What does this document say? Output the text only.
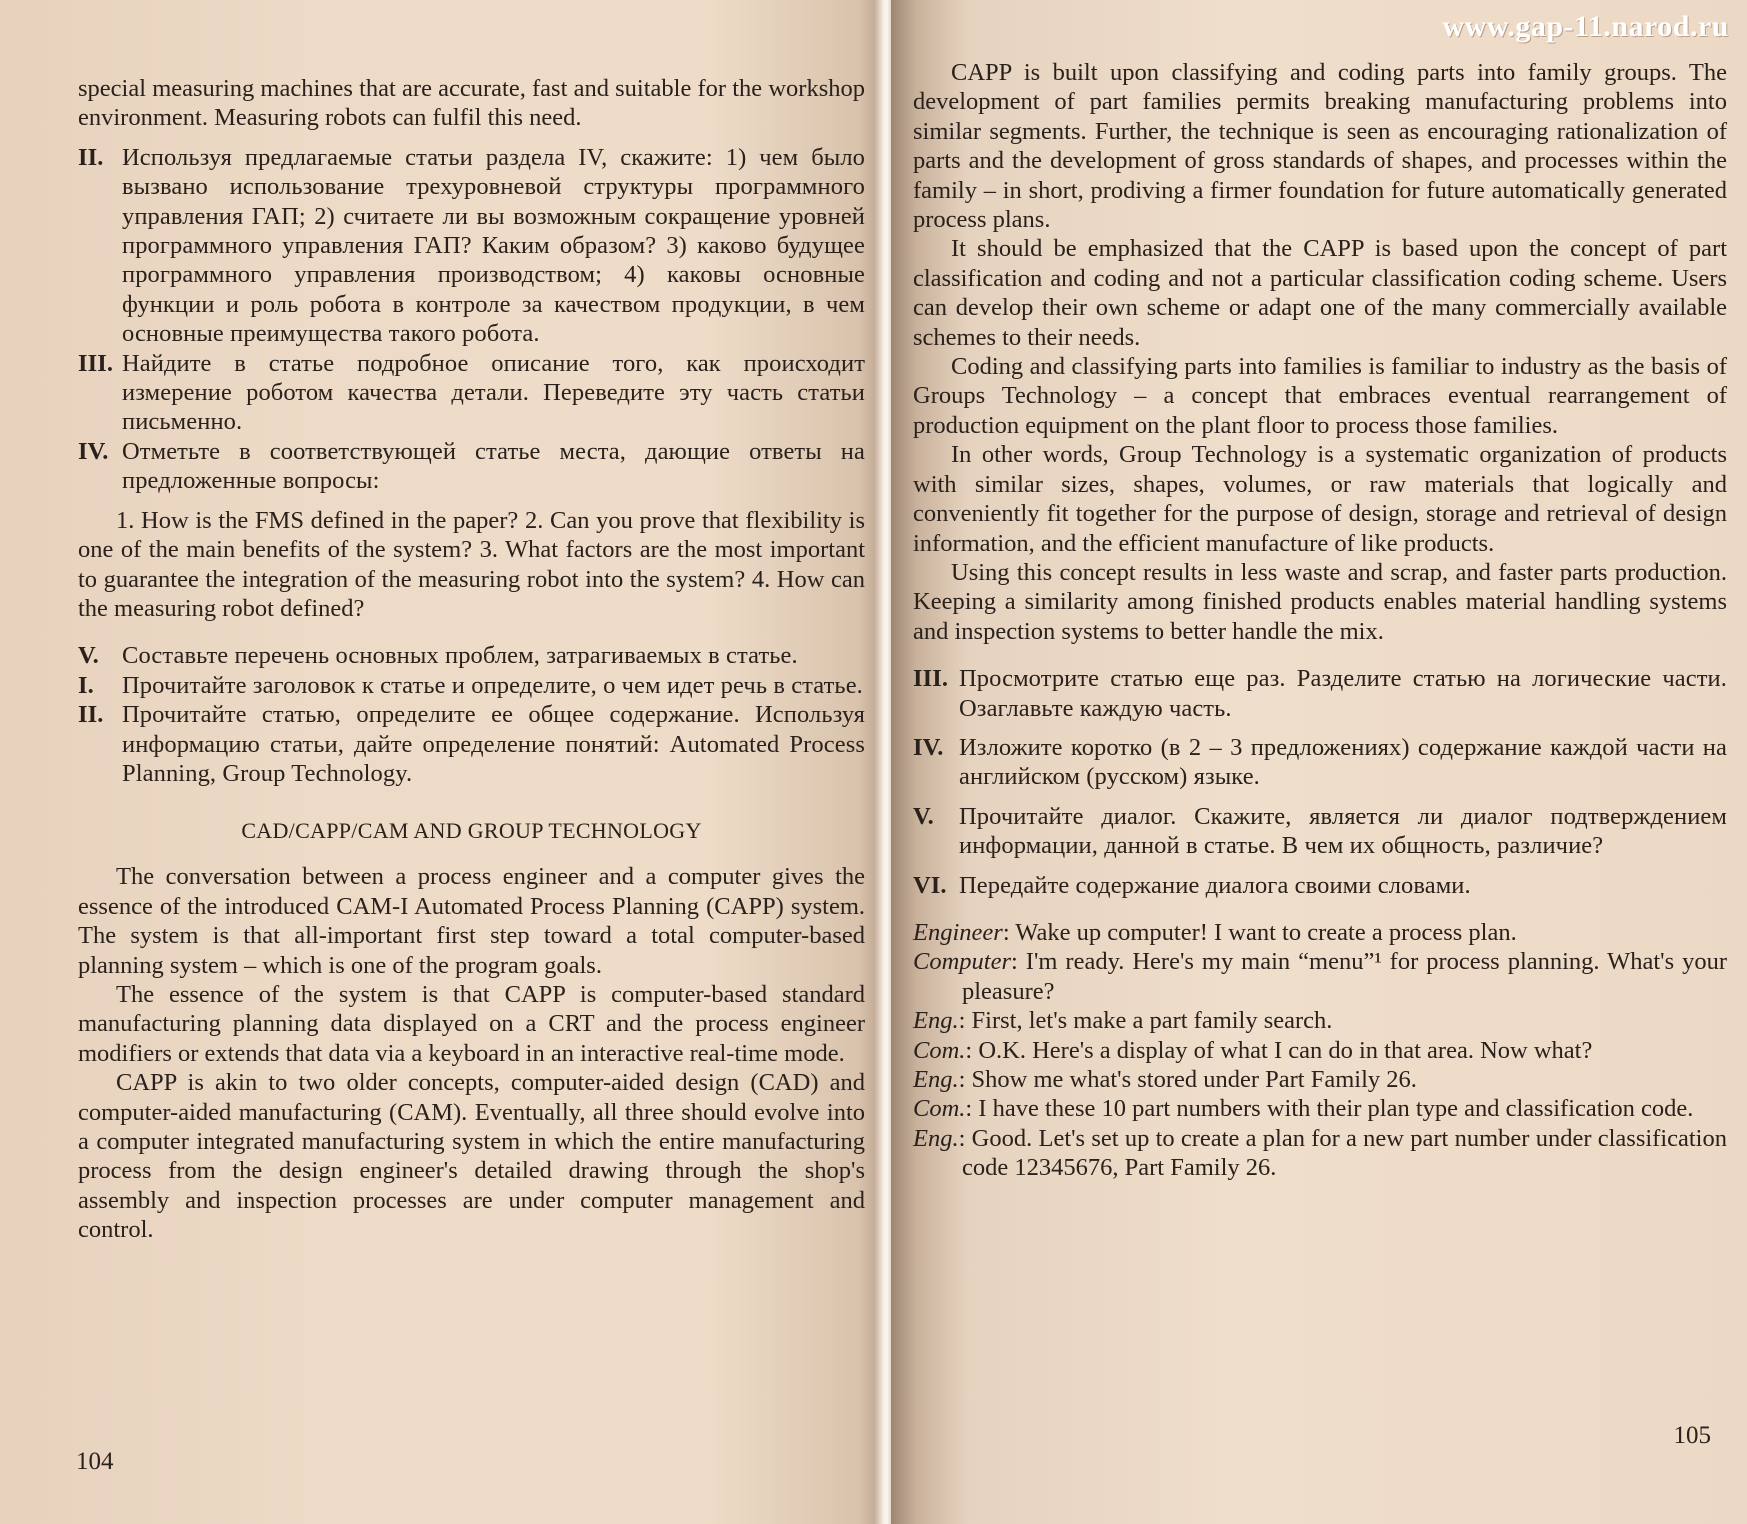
special measuring machines that are accurate, fast and suitable for the workshop environment. Measuring robots can fulfil this need.

II. Используя предлагаемые статьи раздела IV, скажите: 1) чем было вызвано использование трехуровневой структуры программного управления ГАП; 2) считаете ли вы возможным сокращение уровней программного управления ГАП? Каким образом? 3) каково будущее программного управления производством; 4) каковы основные функции и роль робота в контроле за качеством продукции, в чем основные преимущества такого робота.
III. Найдите в статье подробное описание того, как происходит измерение роботом качества детали. Переведите эту часть статьи письменно.
IV. Отметьте в соответствующей статье места, дающие ответы на предложенные вопросы:

1. How is the FMS defined in the paper? 2. Can you prove that flexibility is one of the main benefits of the system? 3. What factors are the most important to guarantee the integration of the measuring robot into the system? 4. How can the measuring robot defined?

V. Составьте перечень основных проблем, затрагиваемых в статье.
I.	Прочитайте заголовок к статье и определите, о чем идет речь в статье.
II. Прочитайте статью, определите ее общее содержание. Используя информацию статьи, дайте определение понятий: Automated Process Planning, Group Technology.
CAD/CAPP/CAM AND GROUP TECHNOLOGY

The conversation between a process engineer and a computer gives the essence of the introduced CAM-I Automated Process Planning (CAPP) system. The system is that all-important first step toward a total computer-based planning system – which is one of the program goals.

The essence of the system is that CAPP is computer-based standard manufacturing planning data displayed on a CRT and the process engineer modifiers or extends that data via a keyboard in an interactive real-time mode.

CAPP is akin to two older concepts, computer-aided design (CAD) and computer-aided manufacturing (CAM). Eventually, all three should evolve into a computer integrated manufacturing system in which the entire manufacturing process from the design engineer's detailed drawing through the shop's assembly and inspection processes are under computer management and control.

104

CAPP is built upon classifying and coding parts into family groups. The development of part families permits breaking manufacturing problems into similar segments. Further, the technique is seen as encouraging rationalization of parts and the development of gross standards of shapes, and processes within the family – in short, prodiving a firmer foundation for future automatically generated process plans.

It should be emphasized that the CAPP is based upon the concept of part classification and coding and not a particular classification coding scheme. Users can develop their own scheme or adapt one of the many commercially available schemes to their needs.

Coding and classifying parts into families is familiar to industry as the basis of Groups Technology – a concept that embraces eventual rearrangement of production equipment on the plant floor to process those families.

In other words, Group Technology is a systematic organization of products with similar sizes, shapes, volumes, or raw materials that logically and conveniently fit together for the purpose of design, storage and retrieval of design information, and the efficient manufacture of like products.

Using this concept results in less waste and scrap, and faster parts production. Keeping a similarity among finished products enables material handling systems and inspection systems to better handle the mix.

III. Просмотрите статью еще раз. Разделите статью на логические части. Озаглавьте каждую часть.
IV. Изложите коротко (в 2 – 3 предложениях) содержание каждой части на английском (русском) языке.
V.	Прочитайте диалог. Скажите, является ли диалог подтверждением информации, данной в статье. В чем их общность, различие?
VI. Передайте содержание диалога своими словами.

Engineer: Wake up computer! I want to create a process plan.

Computer: I'm ready. Here's my main “menu”¹ for process planning. What's your pleasure?

Eng.: First, let's make a part family search.

Com.: O.K. Here's a display of what I can do in that area. Now what?

Eng.: Show me what's stored under Part Family 26.

Com.: I have these 10 part numbers with their plan type and classification code.

Eng.: Good. Let's set up to create a plan for a new part number under classification code 12345676, Part Family 26.

105
www.gap-11.narod.ru
